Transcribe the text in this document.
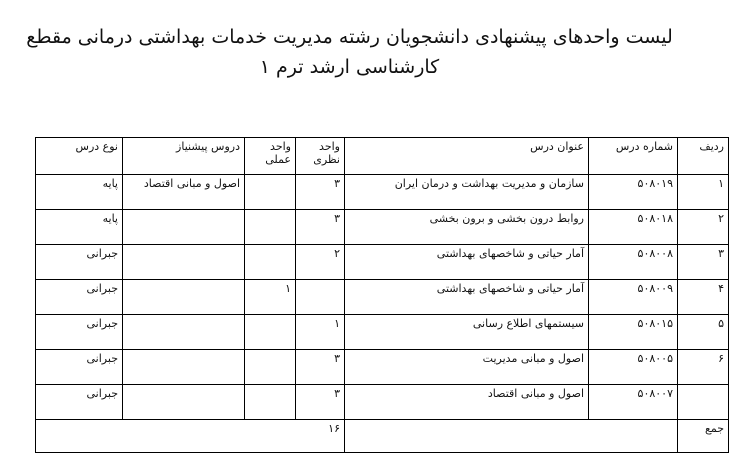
لیست واحدهای پیشنهادی دانشجویان رشته مدیریت خدمات بهداشتی درمانی مقطع
کارشناسی ارشد ترم ۱
ردیف	شماره درس	عنوان درس	واحد نظری	واحد عملی	دروس پیشنیاز	نوع درس
۱	۵۰۸۰۱۹	سازمان و مدیریت بهداشت و درمان ایران	۳		اصول و مبانی اقتصاد	پایه
۲	۵۰۸۰۱۸	روابط درون بخشی و برون بخشی	۳			پایه
۳	۵۰۸۰۰۸	آمار حیاتی و شاخصهای بهداشتی	۲			جبرانی
۴	۵۰۸۰۰۹	آمار حیاتی و شاخصهای بهداشتی		۱		جبرانی
۵	۵۰۸۰۱۵	سیستمهای اطلاع رسانی	۱			جبرانی
۶	۵۰۸۰۰۵	اصول و مبانی مدیریت	۳			جبرانی
	۵۰۸۰۰۷	اصول و مبانی اقتصاد	۳			جبرانی
جمع			۱۶			
